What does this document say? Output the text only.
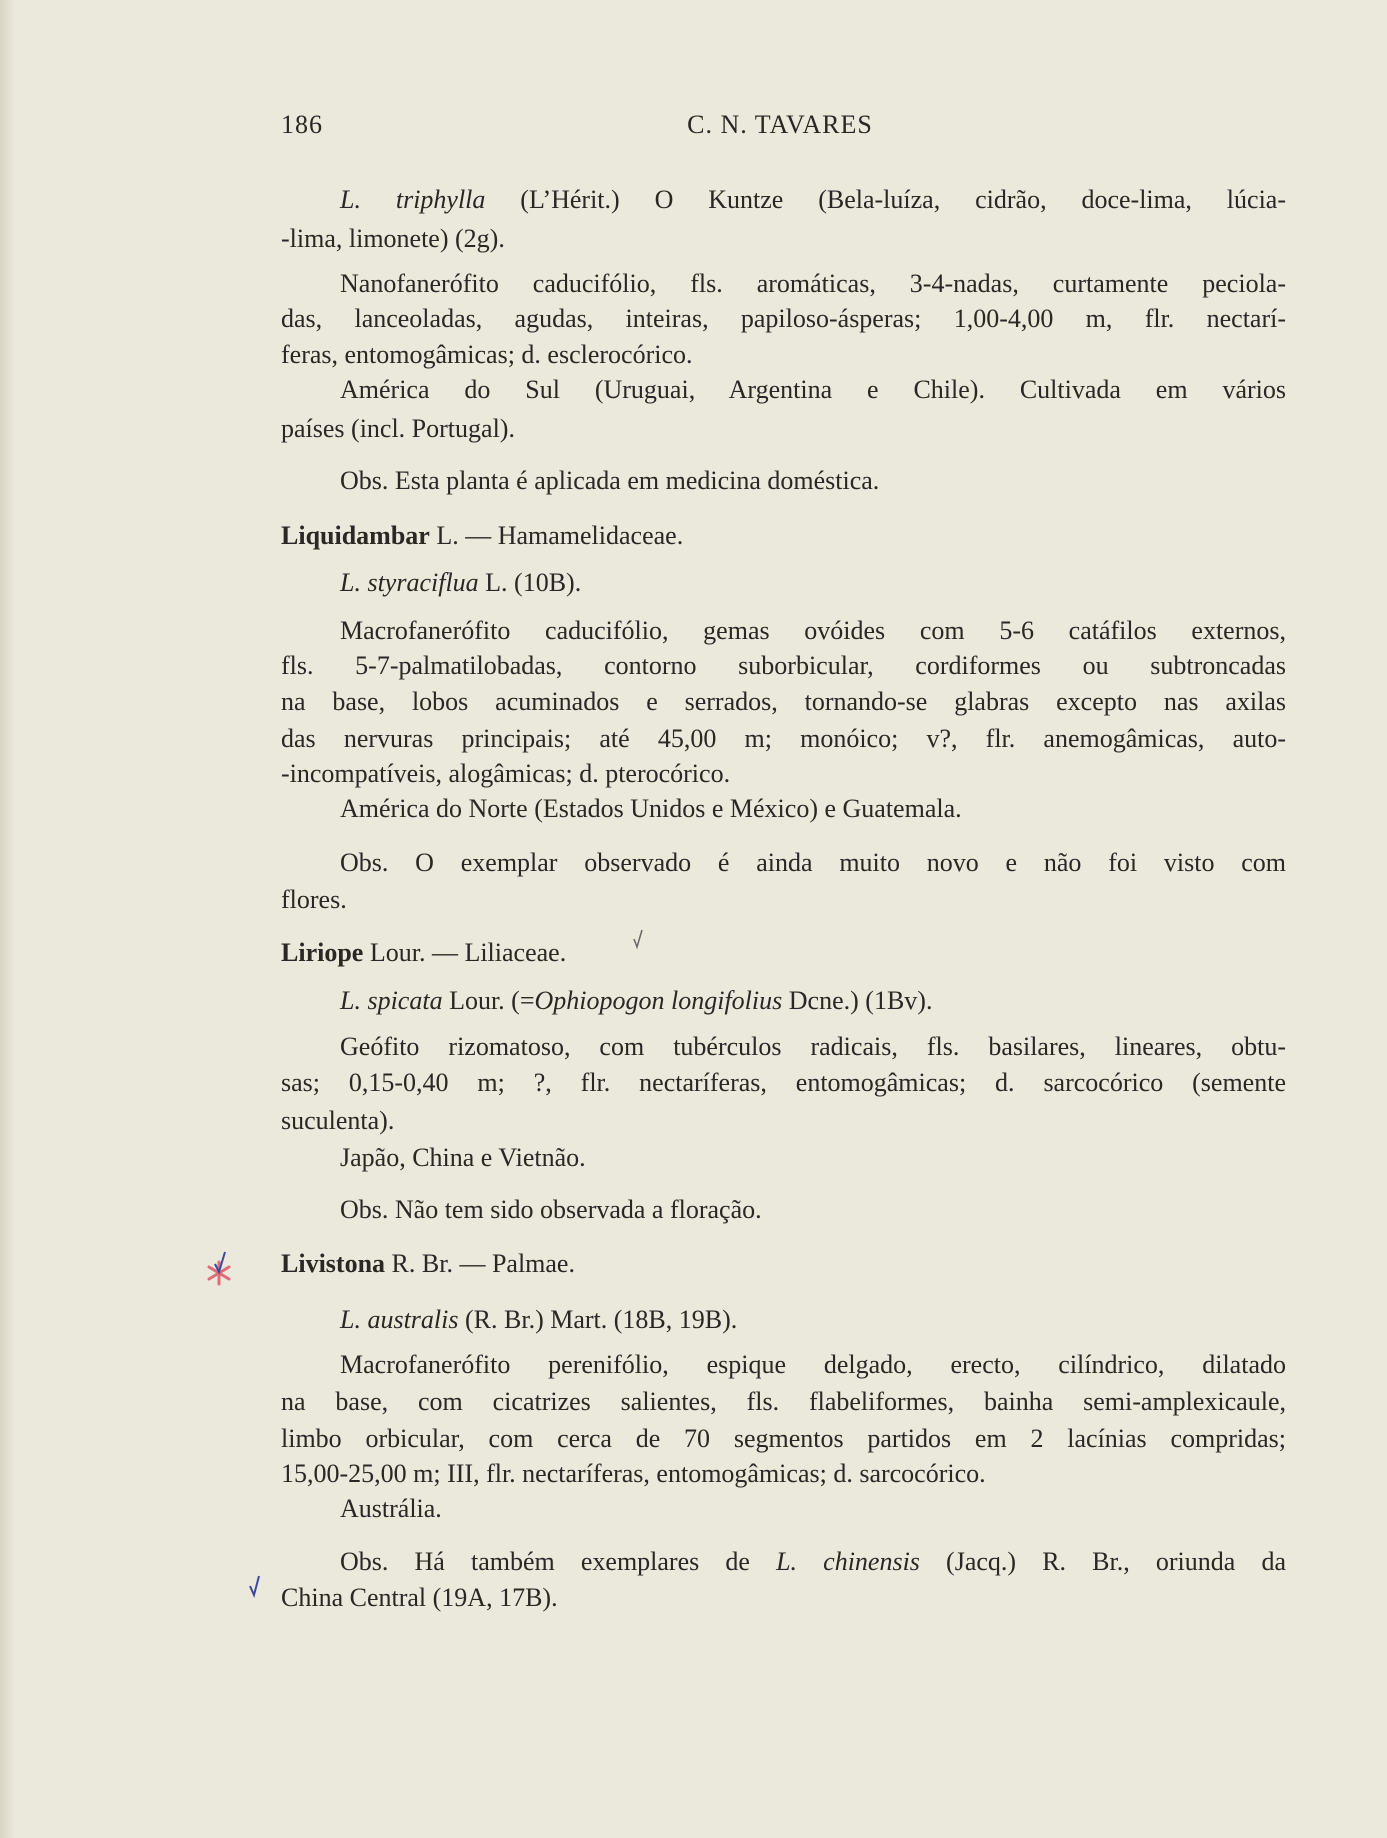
186	C. N. TAVARES
L. triphylla (L’Hérit.) O Kuntze (Bela-luíza, cidrão, doce-lima, lúcia-
-lima, limonete) (2g).
Nanofanerófito caducifólio, fls. aromáticas, 3-4-nadas, curtamente peciola-
das, lanceoladas, agudas, inteiras, papiloso-ásperas; 1,00-4,00 m, flr. nectarí-
feras, entomogâmicas; d. esclerocórico.
América do Sul (Uruguai, Argentina e Chile). Cultivada em vários
países (incl. Portugal).
Obs. Esta planta é aplicada em medicina doméstica.
Liquidambar L. — Hamamelidaceae.
L. styraciflua L. (10B).
Macrofanerófito caducifólio, gemas ovóides com 5-6 catáfilos externos,
fls. 5-7-palmatilobadas, contorno suborbicular, cordiformes ou subtroncadas
na base, lobos acuminados e serrados, tornando-se glabras excepto nas axilas
das nervuras principais; até 45,00 m; monóico; v?, flr. anemogâmicas, auto-
-incompatíveis, alogâmicas; d. pterocórico.
América do Norte (Estados Unidos e México) e Guatemala.
Obs. O exemplar observado é ainda muito novo e não foi visto com
flores.
Liriope Lour. — Liliaceae.
L. spicata Lour. (=Ophiopogon longifolius Dcne.) (1Bv).
Geófito rizomatoso, com tubérculos radicais, fls. basilares, lineares, obtu-
sas; 0,15-0,40 m; ?, flr. nectaríferas, entomogâmicas; d. sarcocórico (semente
suculenta).
Japão, China e Vietnão.
Obs. Não tem sido observada a floração.
Livistona R. Br. — Palmae.
L. australis (R. Br.) Mart. (18B, 19B).
Macrofanerófito perenifólio, espique delgado, erecto, cilíndrico, dilatado
na base, com cicatrizes salientes, fls. flabeliformes, bainha semi-amplexicaule,
limbo orbicular, com cerca de 70 segmentos partidos em 2 lacínias compridas;
15,00-25,00 m; III, flr. nectaríferas, entomogâmicas; d. sarcocórico.
Austrália.
Obs. Há também exemplares de L. chinensis (Jacq.) R. Br., oriunda da
China Central (19A, 17B).
